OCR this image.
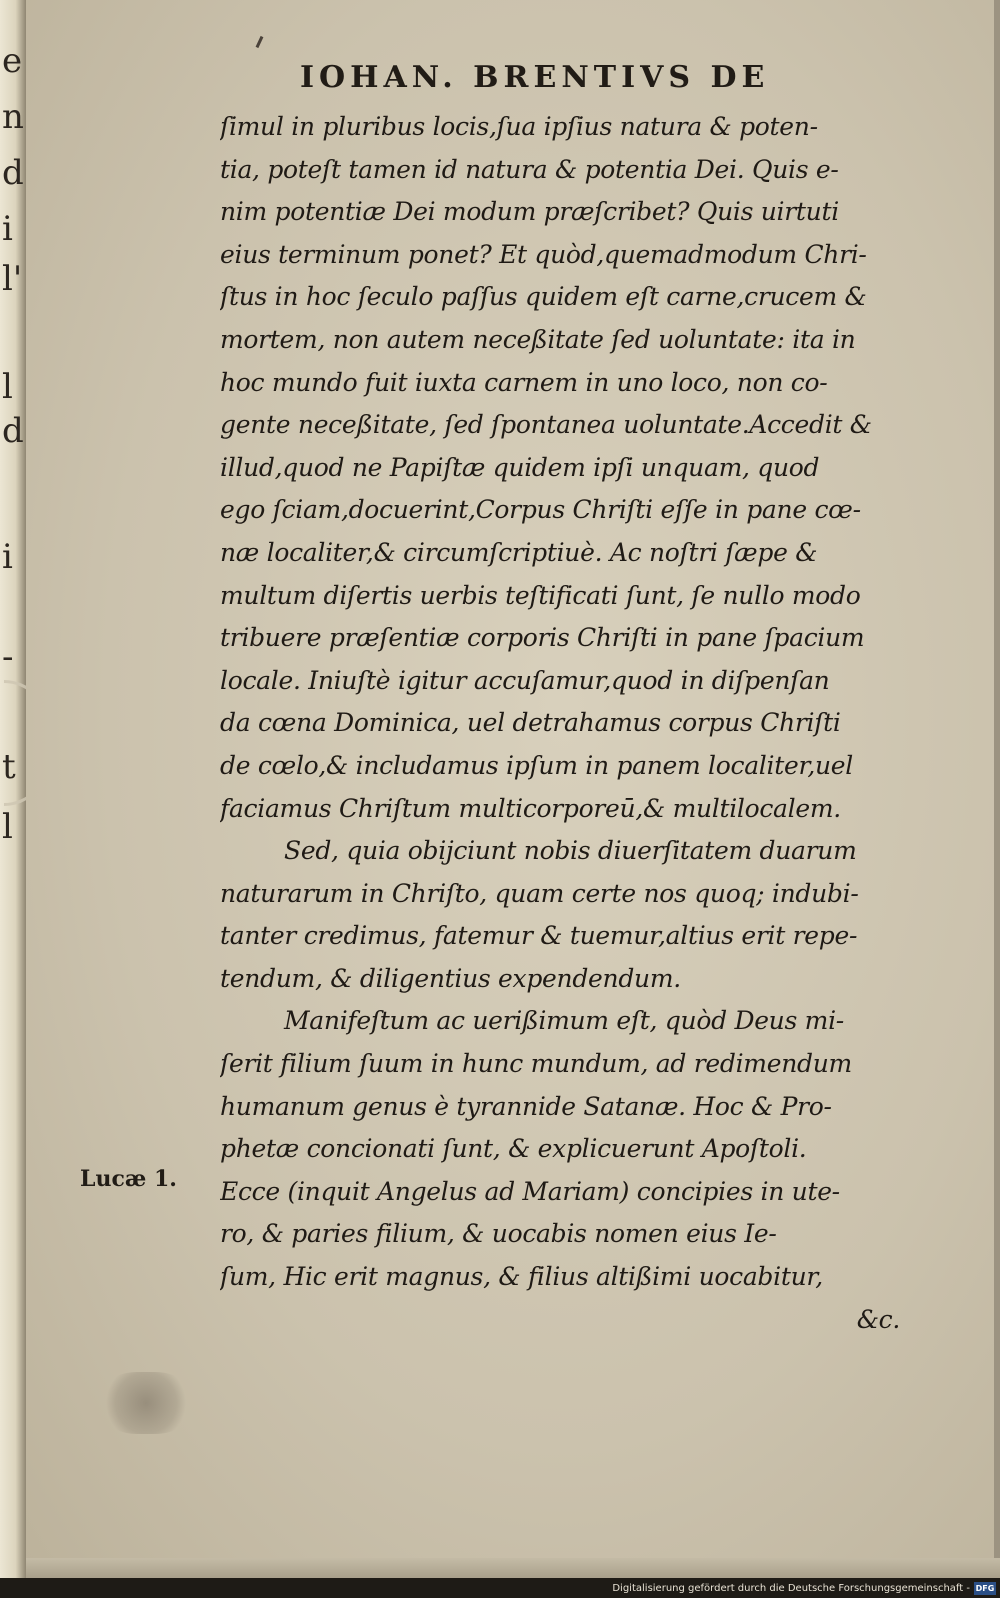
e
n
d
i
l'
l
d
i
-
t
l
IOHAN. BRENTIVS DE
ſimul in pluribus locis,ſua ipſius natura & poten-
tia, poteſt tamen id natura & potentia Dei. Quis e-
nim potentiæ Dei modum præſcribet? Quis uirtuti
eius terminum ponet? Et quòd,quemadmodum Chri-
ſtus in hoc ſeculo paſſus quidem eſt carne,crucem &
mortem, non autem neceßitate ſed uoluntate: ita in
hoc mundo fuit iuxta carnem in uno loco, non co-
gente neceßitate, ſed ſpontanea uoluntate.Accedit &
illud,quod ne Papiſtæ quidem ipſi unquam, quod
ego ſciam,docuerint,Corpus Chriſti eſſe in pane cœ-
næ localiter,& circumſcriptiuè. Ac noſtri ſæpe &
multum diſertis uerbis teſtificati ſunt, ſe nullo modo
tribuere præſentiæ corporis Chriſti in pane ſpacium
locale. Iniuſtè igitur accuſamur,quod in diſpenſan
da cœna Dominica, uel detrahamus corpus Chriſti
de cœlo,& includamus ipſum in panem localiter,uel
faciamus Chriſtum multicorporeū,& multilocalem.
Sed, quia obijciunt nobis diuerſitatem duarum
naturarum in Chriſto, quam certe nos quoq; indubi-
tanter credimus, fatemur & tuemur,altius erit repe-
tendum, & diligentius expendendum.
Manifeſtum ac uerißimum eſt, quòd Deus mi-
ſerit filium ſuum in hunc mundum, ad redimendum
humanum genus è tyrannide Satanæ. Hoc & Pro-
phetæ concionati ſunt, & explicuerunt Apoſtoli.
Ecce (inquit Angelus ad Mariam) concipies in ute-
ro, & paries filium, & uocabis nomen eius Ie-
ſum, Hic erit magnus, & filius altißimi uocabitur,
&c.
Lucæ 1.
Digitalisierung gefördert durch die Deutsche Forschungsgemeinschaft - DFG
